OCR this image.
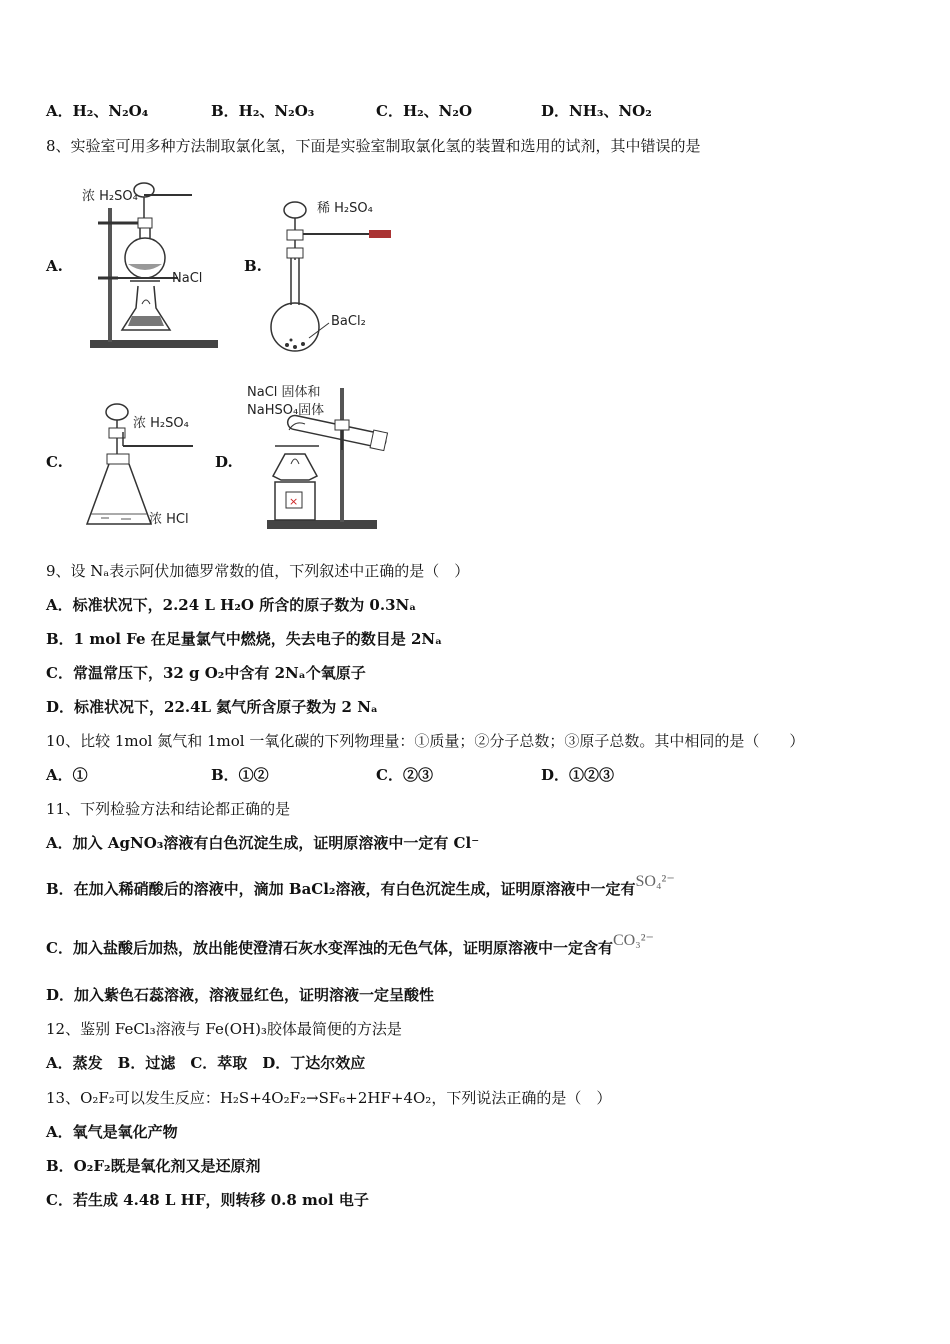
A．H₂、N₂O₄	B．H₂、N₂O₃	C．H₂、N₂O	D．NH₃、NO₂
8、实验室可用多种方法制取氯化氢，下面是实验室制取氯化氢的装置和选用的试剂，其中错误的是
A.	B.
C.	D.
浓 H₂SO₄
NaCl
稀 H₂SO₄
BaCl₂
浓 H₂SO₄
浓 HCl
×
NaCl 固体和
NaHSO₄固体
9、设 Nₐ表示阿伏加德罗常数的值，下列叙述中正确的是（　）
A．标准状况下，2.24 L H₂O 所含的原子数为 0.3Nₐ
B．1 mol Fe 在足量氯气中燃烧，失去电子的数目是 2Nₐ
C．常温常压下，32 g O₂中含有 2Nₐ个氧原子
D．标准状况下，22.4L 氦气所含原子数为 2 Nₐ
10、比较 1mol 氮气和 1mol 一氧化碳的下列物理量：①质量；②分子总数；③原子总数。其中相同的是（　　）
A．①	B．①②	C．②③	D．①②③
11、下列检验方法和结论都正确的是
A．加入 AgNO₃溶液有白色沉淀生成，证明原溶液中一定有 Cl⁻
B．在加入稀硝酸后的溶液中，滴加 BaCl₂溶液，有白色沉淀生成，证明原溶液中一定有SO₄²⁻
C．加入盐酸后加热，放出能使澄清石灰水变浑浊的无色气体，证明原溶液中一定含有CO₃²⁻
D．加入紫色石蕊溶液，溶液显红色，证明溶液一定呈酸性
12、鉴别 FeCl₃溶液与 Fe(OH)₃胶体最简便的方法是
A．蒸发　B．过滤　C．萃取　D．丁达尔效应
13、O₂F₂可以发生反应：H₂S+4O₂F₂→SF₆+2HF+4O₂，下列说法正确的是（　）
A．氧气是氧化产物
B．O₂F₂既是氧化剂又是还原剂
C．若生成 4.48 L HF，则转移 0.8 mol 电子
